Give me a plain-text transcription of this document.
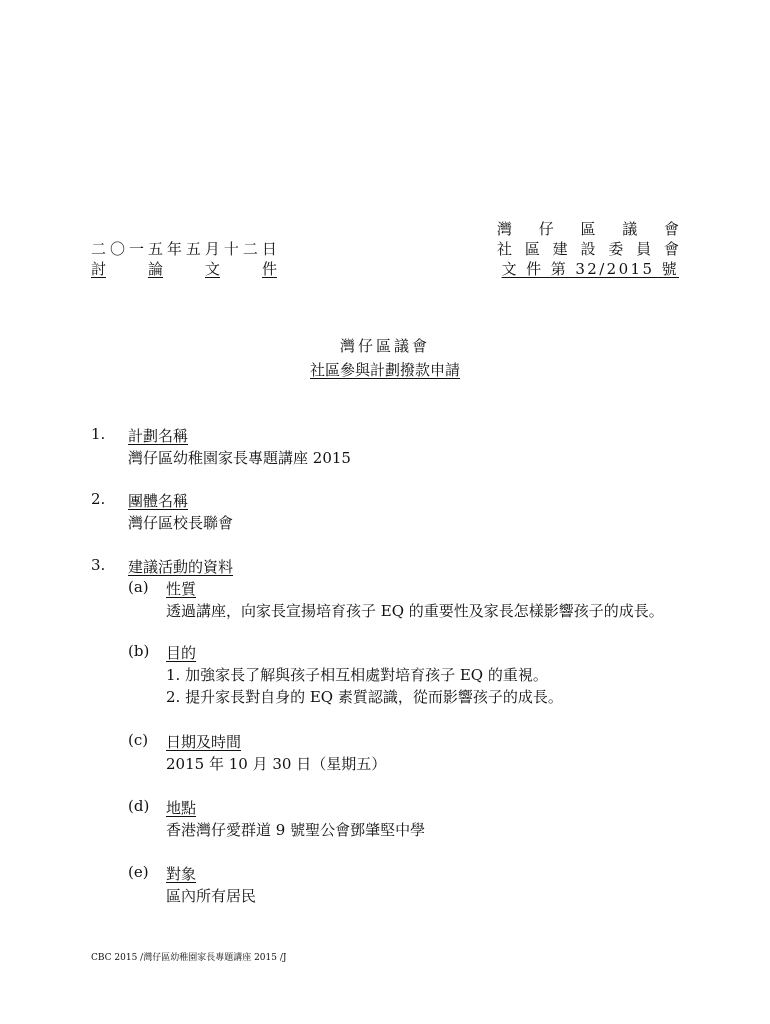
灣 仔 區 議 會
社 區 建 設 委 員 會
文 件 第 32/2015 號
二 〇 一 五 年 五 月 十 二 日
討	論	文	件
灣仔區議會
社區參與計劃撥款申請
1. 計劃名稱
灣仔區幼稚園家長專題講座 2015
2. 團體名稱
灣仔區校長聯會
3. 建議活動的資料
(a) 性質
透過講座，向家長宣揚培育孩子 EQ 的重要性及家長怎樣影響孩子的成長。
(b) 目的
1. 加強家長了解與孩子相互相處對培育孩子 EQ 的重視。
2. 提升家長對自身的 EQ 素質認識，從而影響孩子的成長。
(c) 日期及時間
2015 年 10 月 30 日（星期五）
(d) 地點
香港灣仔愛群道 9 號聖公會鄧肇堅中學
(e) 對象
區內所有居民
CBC 2015 /灣仔區幼稚園家長專題講座 2015 /J
